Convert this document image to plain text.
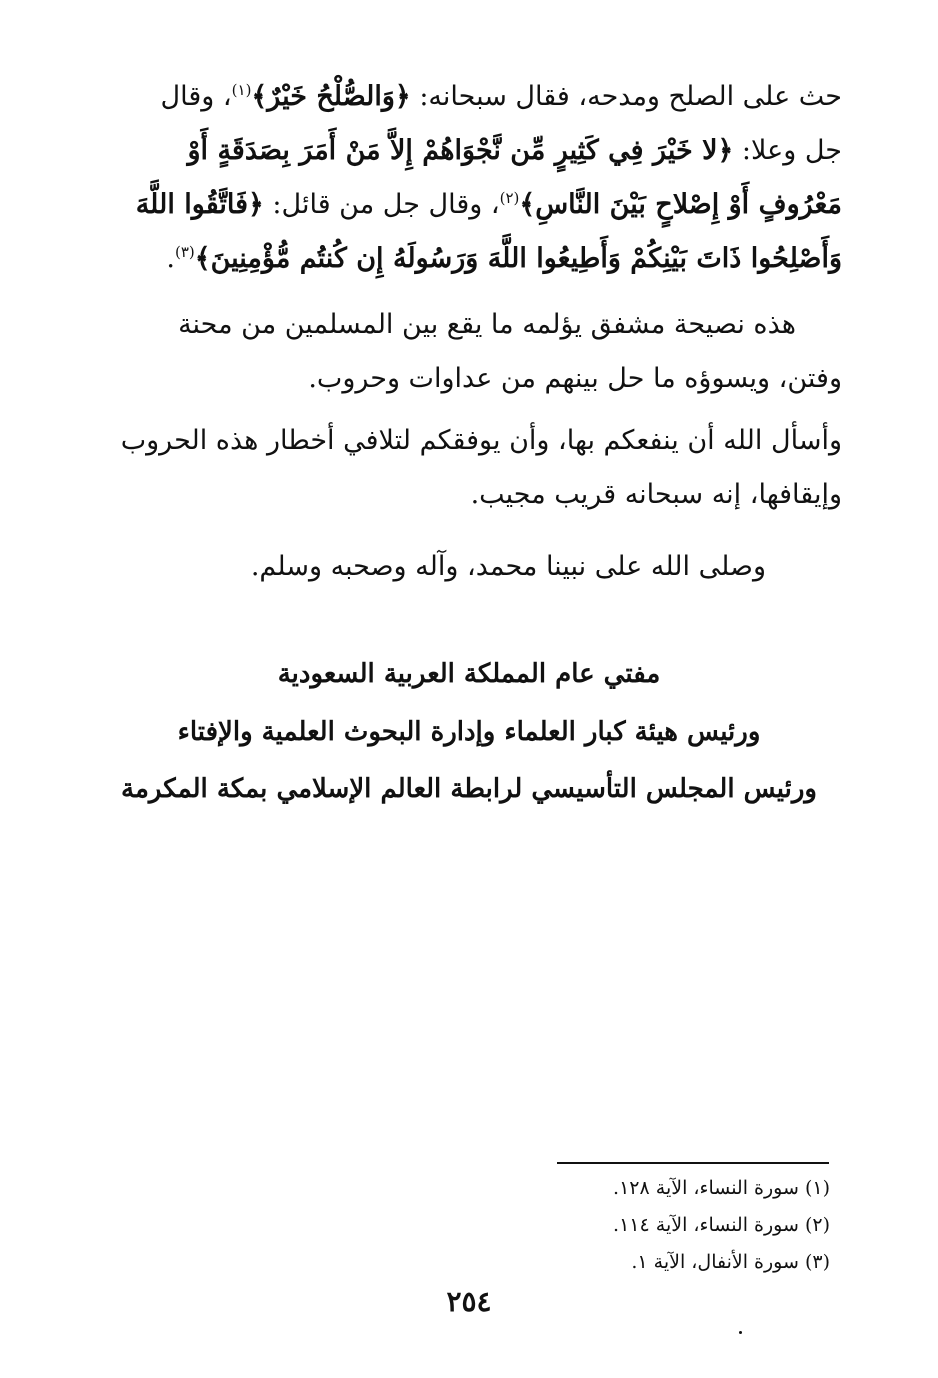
حث على الصلح ومدحه، فقال سبحانه: ﴿وَالصُّلْحُ خَيْرٌ﴾$^{(١)}$، وقال
جل وعلا: ﴿لا خَيْرَ فِي كَثِيرٍ مِّن نَّجْوَاهُمْ إِلاَّ مَنْ أَمَرَ بِصَدَقَةٍ أَوْ
مَعْرُوفٍ أَوْ إِصْلاحٍ بَيْنَ النَّاسِ﴾$^{(٢)}$، وقال جل من قائل: ﴿فَاتَّقُوا اللَّهَ
وَأَصْلِحُوا ذَاتَ بَيْنِكُمْ وَأَطِيعُوا اللَّهَ وَرَسُولَهُ إِن كُنتُم مُّؤْمِنِينَ﴾$^{(٣)}$.

هذه نصيحة مشفق يؤلمه ما يقع بين المسلمين من محنة
وفتن، ويسوؤه ما حل بينهم من عداوات وحروب.

وأسأل الله أن ينفعكم بها، وأن يوفقكم لتلافي أخطار هذه الحروب
وإيقافها، إنه سبحانه قريب مجيب.

وصلى الله على نبينا محمد، وآله وصحبه وسلم.

مفتي عام المملكة العربية السعودية

ورئيس هيئة كبار العلماء وإدارة البحوث العلمية والإفتاء

ورئيس المجلس التأسيسي لرابطة العالم الإسلامي بمكة المكرمة

(١) سورة النساء، الآية ١٢٨.
(٢) سورة النساء، الآية ١١٤.
(٣) سورة الأنفال، الآية ١.
٢٥٤
